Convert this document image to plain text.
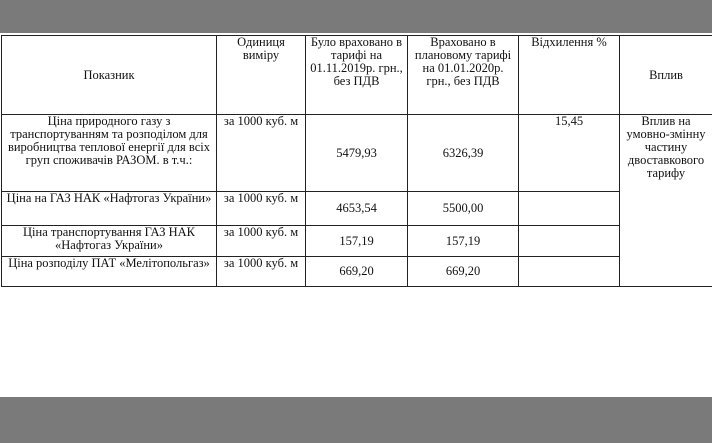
Показник	Одиниця виміру	Було враховано в тарифі на 01.11.2019р. грн., без ПДВ	Враховано в плановому тарифі на 01.01.2020р. грн., без ПДВ	Відхилення %	Вплив
Ціна природного газу з транспортуванням та розподілом для виробництва теплової енергії для всіх груп споживачів РАЗОМ. в т.ч.:	за 1000 куб. м	5479,93	6326,39	15,45	Вплив на умовно-змінну частину двоставкового тарифу
Ціна на ГАЗ НАК «Нафтогаз України»	за 1000 куб. м	4653,54	5500,00		
Ціна транспортування ГАЗ НАК «Нафтогаз України»	за 1000 куб. м	157,19	157,19		
Ціна розподілу ПАТ «Мелітопольгаз»	за 1000 куб. м	669,20	669,20		
